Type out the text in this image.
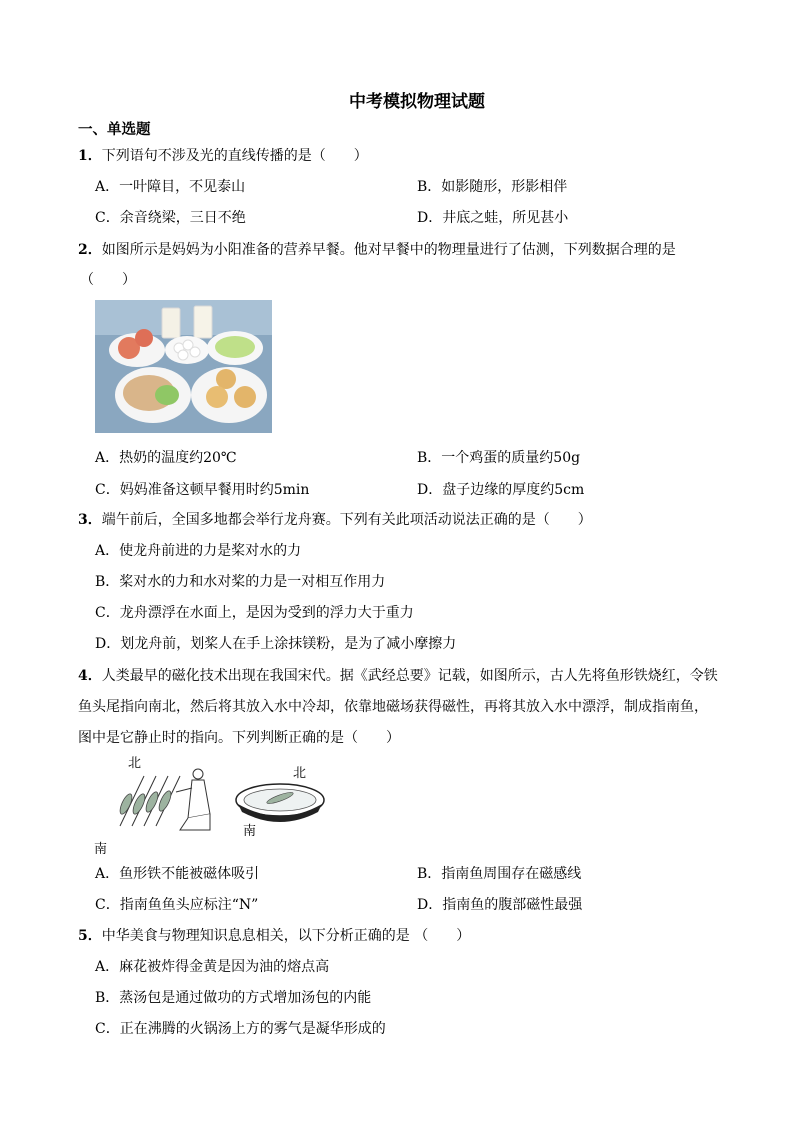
中考模拟物理试题
一、单选题
1．下列语句不涉及光的直线传播的是（　　）
A．一叶障目，不见泰山	B．如影随形，形影相伴
C．余音绕梁，三日不绝	D．井底之蛙，所见甚小
2．如图所示是妈妈为小阳准备的营养早餐。他对早餐中的物理量进行了估测，下列数据合理的是
（　　）
A．热奶的温度约20℃	B．一个鸡蛋的质量约50g
C．妈妈准备这顿早餐用时约5min	D．盘子边缘的厚度约5cm
3．端午前后，全国多地都会举行龙舟赛。下列有关此项活动说法正确的是（　　）
A．使龙舟前进的力是桨对水的力
B．桨对水的力和水对桨的力是一对相互作用力
C．龙舟漂浮在水面上，是因为受到的浮力大于重力
D．划龙舟前，划桨人在手上涂抹镁粉，是为了减小摩擦力
4．人类最早的磁化技术出现在我国宋代。据《武经总要》记载，如图所示，古人先将鱼形铁烧红，令铁
鱼头尾指向南北，然后将其放入水中冷却，依靠地磁场获得磁性，再将其放入水中漂浮，制成指南鱼，
图中是它静止时的指向。下列判断正确的是（　　）
北
南
北
南
A．鱼形铁不能被磁体吸引	B．指南鱼周围存在磁感线
C．指南鱼鱼头应标注“N”	D．指南鱼的腹部磁性最强
5．中华美食与物理知识息息相关，以下分析正确的是 （　　）
A．麻花被炸得金黄是因为油的熔点高
B．蒸汤包是通过做功的方式增加汤包的内能
C．正在沸腾的火锅汤上方的雾气是凝华形成的
